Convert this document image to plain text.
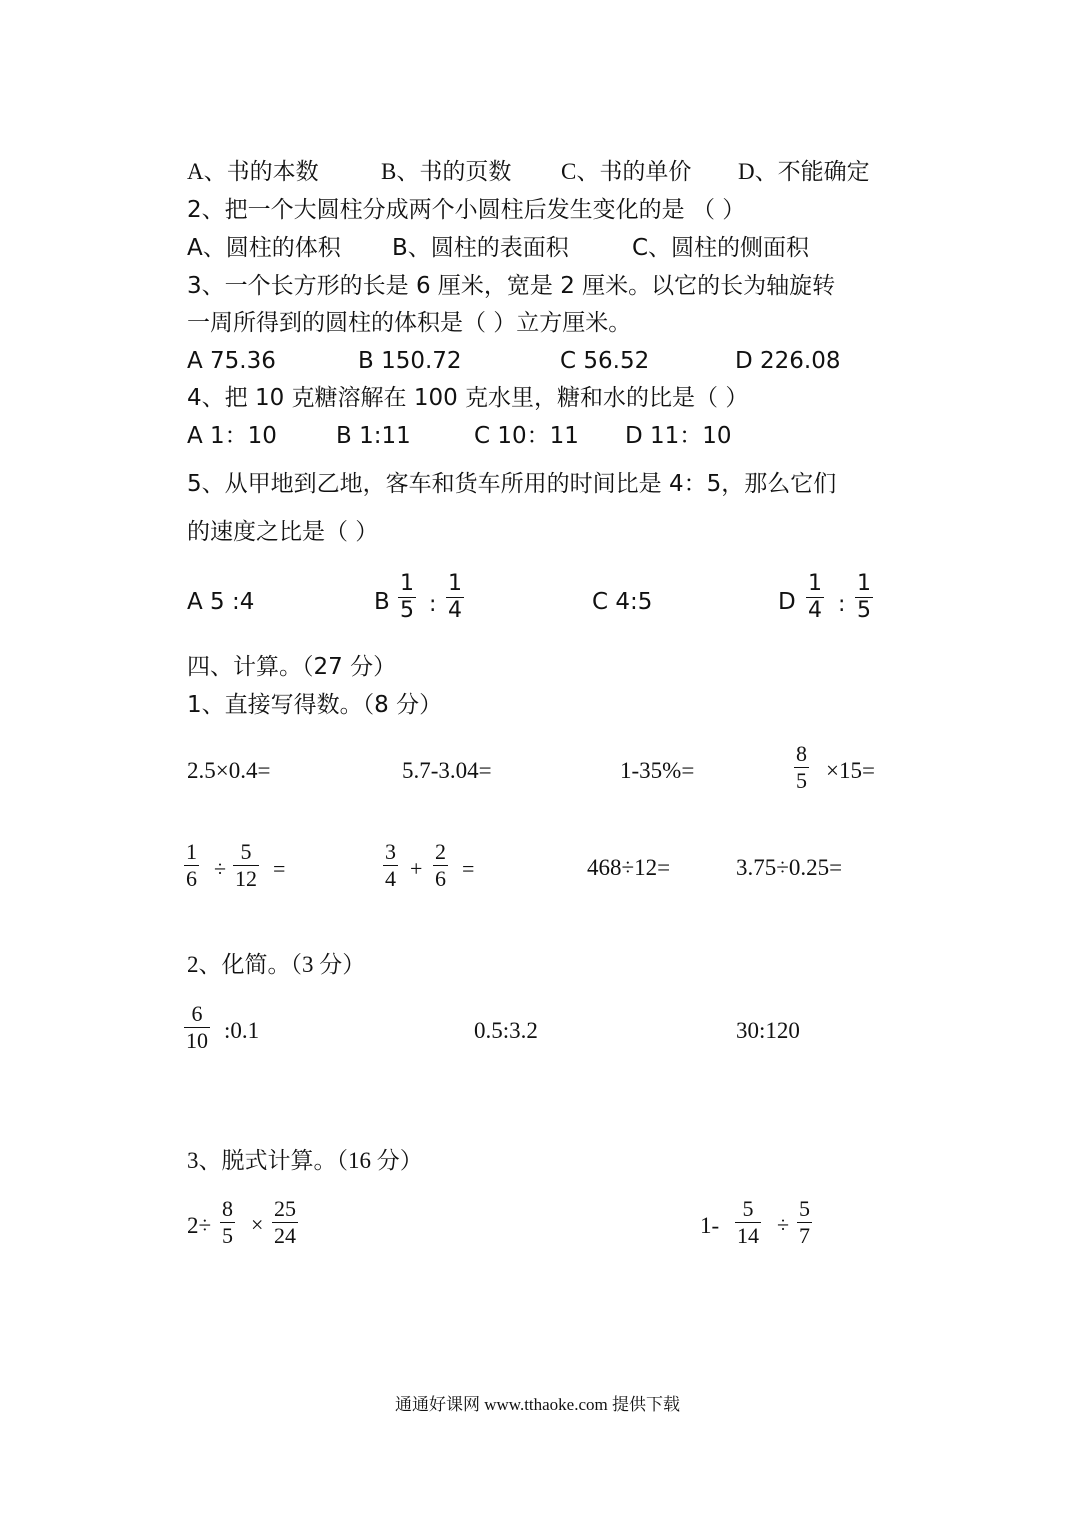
A、书的本数	B、书的页数 C、书的单价 D、不能确定
2、把一个大圆柱分成两个小圆柱后发生变化的是 （ ）
A、圆柱的体积 B、圆柱的表面积	C、圆柱的侧面积
3、一个长方形的长是 6 厘米，宽是 2 厘米。以它的长为轴旋转
一周所得到的圆柱的体积是（ ）立方厘米。
A 75.36	B 150.72	C 56.52	D 226.08
4、把 10 克糖溶解在 100 克水里，糖和水的比是（ ）
A 1：10	B 1:11	C 10：11 D 11：10
5、从甲地到乙地，客车和货车所用的时间比是 4：5，那么它们
的速度之比是（ ）
A 5 :4	B $\frac{1}{5}$ : $\frac{1}{4}$	C 4:5	D $\frac{1}{4}$ : $\frac{1}{5}$
四、计算。（27 分）
1、直接写得数。（8 分）
2.5×0.4=	5.7-3.04=	1-35%=	$\frac{8}{5} \times 15=$
$\frac{1}{6} \div \frac{5}{12}$ =	$\frac{3}{4} + \frac{2}{6}$ =	468÷12=	3.75÷0.25=
2、化简。（3 分）
$\frac{6}{10}$ :0.1	0.5:3.2	30:120
3、脱式计算。（16 分）
$2\div \frac{8}{5} \times \frac{25}{24}$	$1- \frac{5}{14} \div \frac{5}{7}$
通通好课网 www.tthaoke.com 提供下载
